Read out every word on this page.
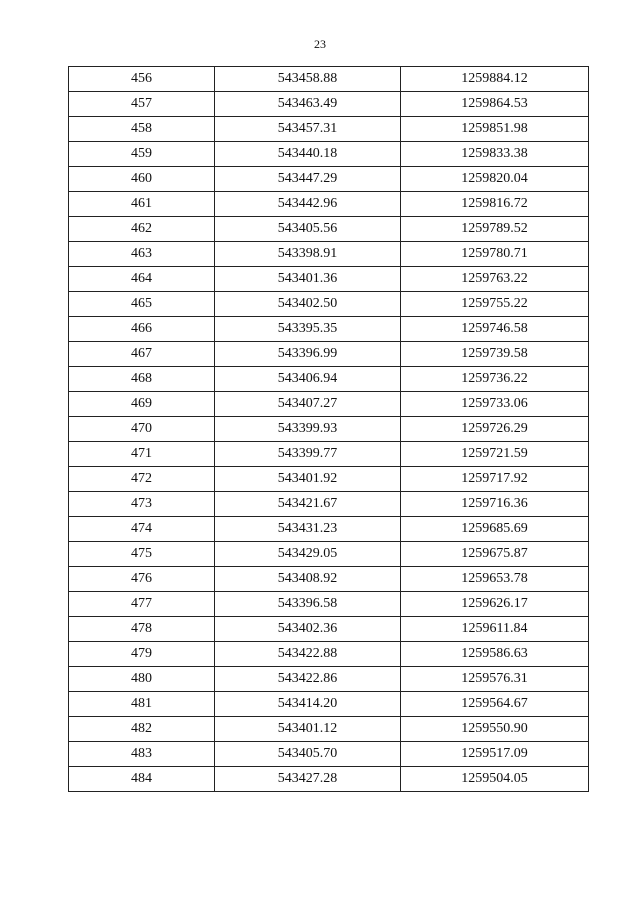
23
456	543458.88	1259884.12
457	543463.49	1259864.53
458	543457.31	1259851.98
459	543440.18	1259833.38
460	543447.29	1259820.04
461	543442.96	1259816.72
462	543405.56	1259789.52
463	543398.91	1259780.71
464	543401.36	1259763.22
465	543402.50	1259755.22
466	543395.35	1259746.58
467	543396.99	1259739.58
468	543406.94	1259736.22
469	543407.27	1259733.06
470	543399.93	1259726.29
471	543399.77	1259721.59
472	543401.92	1259717.92
473	543421.67	1259716.36
474	543431.23	1259685.69
475	543429.05	1259675.87
476	543408.92	1259653.78
477	543396.58	1259626.17
478	543402.36	1259611.84
479	543422.88	1259586.63
480	543422.86	1259576.31
481	543414.20	1259564.67
482	543401.12	1259550.90
483	543405.70	1259517.09
484	543427.28	1259504.05
